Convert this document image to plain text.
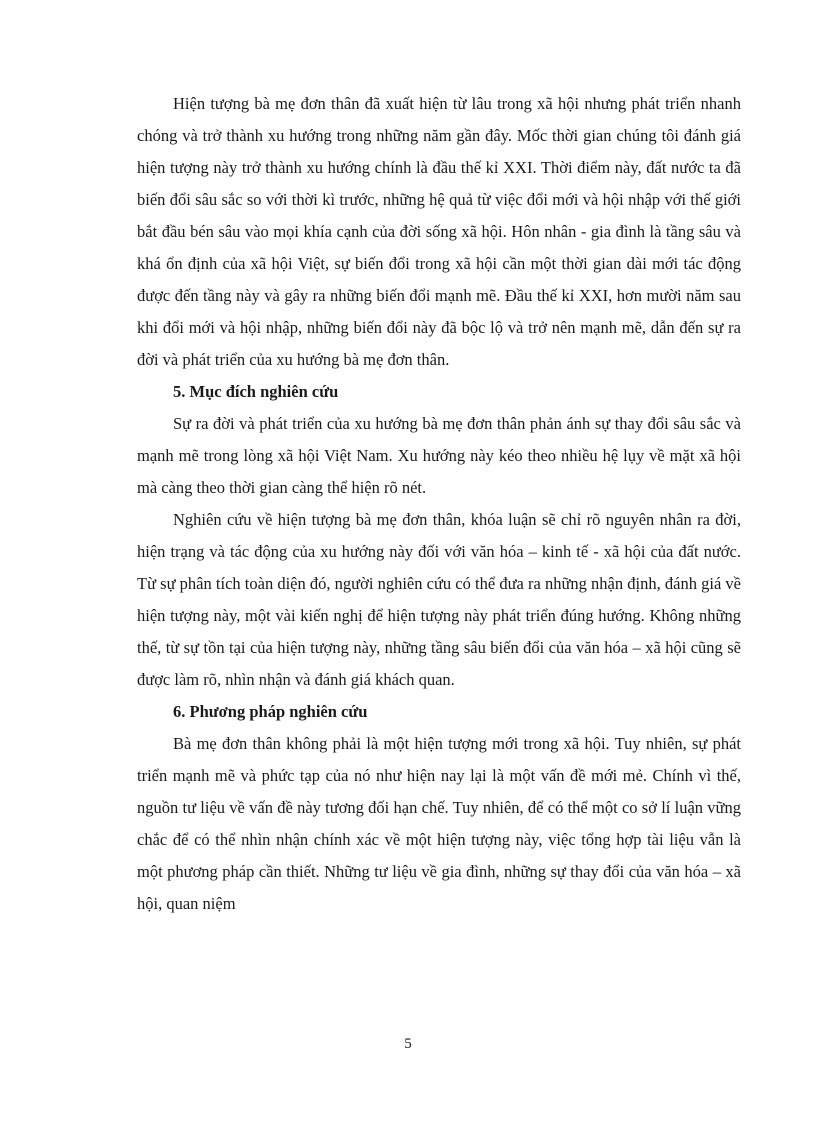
Hiện tượng bà mẹ đơn thân đã xuất hiện từ lâu trong xã hội nhưng phát triển nhanh chóng và trở thành xu hướng trong những năm gần đây. Mốc thời gian chúng tôi đánh giá hiện tượng này trở thành xu hướng chính là đầu thế kỉ XXI. Thời điểm này, đất nước ta đã biến đổi sâu sắc so với thời kì trước, những hệ quả từ việc đổi mới và hội nhập với thế giới bắt đầu bén sâu vào mọi khía cạnh của đời sống xã hội. Hôn nhân - gia đình là tầng sâu và khá ổn định của xã hội Việt, sự biến đổi trong xã hội cần một thời gian dài mới tác động được đến tầng này và gây ra những biến đổi mạnh mẽ. Đầu thế kỉ XXI, hơn mười năm sau khi đổi mới và hội nhập, những biến đổi này đã bộc lộ và trở nên mạnh mẽ, dẫn đến sự ra đời và phát triển của xu hướng bà mẹ đơn thân.

5. Mục đích nghiên cứu

Sự ra đời và phát triển của xu hướng bà mẹ đơn thân phản ánh sự thay đổi sâu sắc và mạnh mẽ trong lòng xã hội Việt Nam. Xu hướng này kéo theo nhiều hệ lụy về mặt xã hội mà càng theo thời gian càng thể hiện rõ nét.

Nghiên cứu về hiện tượng bà mẹ đơn thân, khóa luận sẽ chỉ rõ nguyên nhân ra đời, hiện trạng và tác động của xu hướng này đối với văn hóa – kinh tế - xã hội của đất nước. Từ sự phân tích toàn diện đó, người nghiên cứu có thể đưa ra những nhận định, đánh giá về hiện tượng này, một vài kiến nghị để hiện tượng này phát triển đúng hướng. Không những thế, từ sự tồn tại của hiện tượng này, những tầng sâu biến đổi của văn hóa – xã hội cũng sẽ được làm rõ, nhìn nhận và đánh giá khách quan.

6. Phương pháp nghiên cứu

Bà mẹ đơn thân không phải là một hiện tượng mới trong xã hội. Tuy nhiên, sự phát triển mạnh mẽ và phức tạp của nó như hiện nay lại là một vấn đề mới mẻ. Chính vì thế, nguồn tư liệu về vấn đề này tương đối hạn chế. Tuy nhiên, để có thể một co sở lí luận vững chắc để có thể nhìn nhận chính xác về một hiện tượng này, việc tổng hợp tài liệu vẫn là một phương pháp cần thiết. Những tư liệu về gia đình, những sự thay đổi của văn hóa – xã hội, quan niệm

5
